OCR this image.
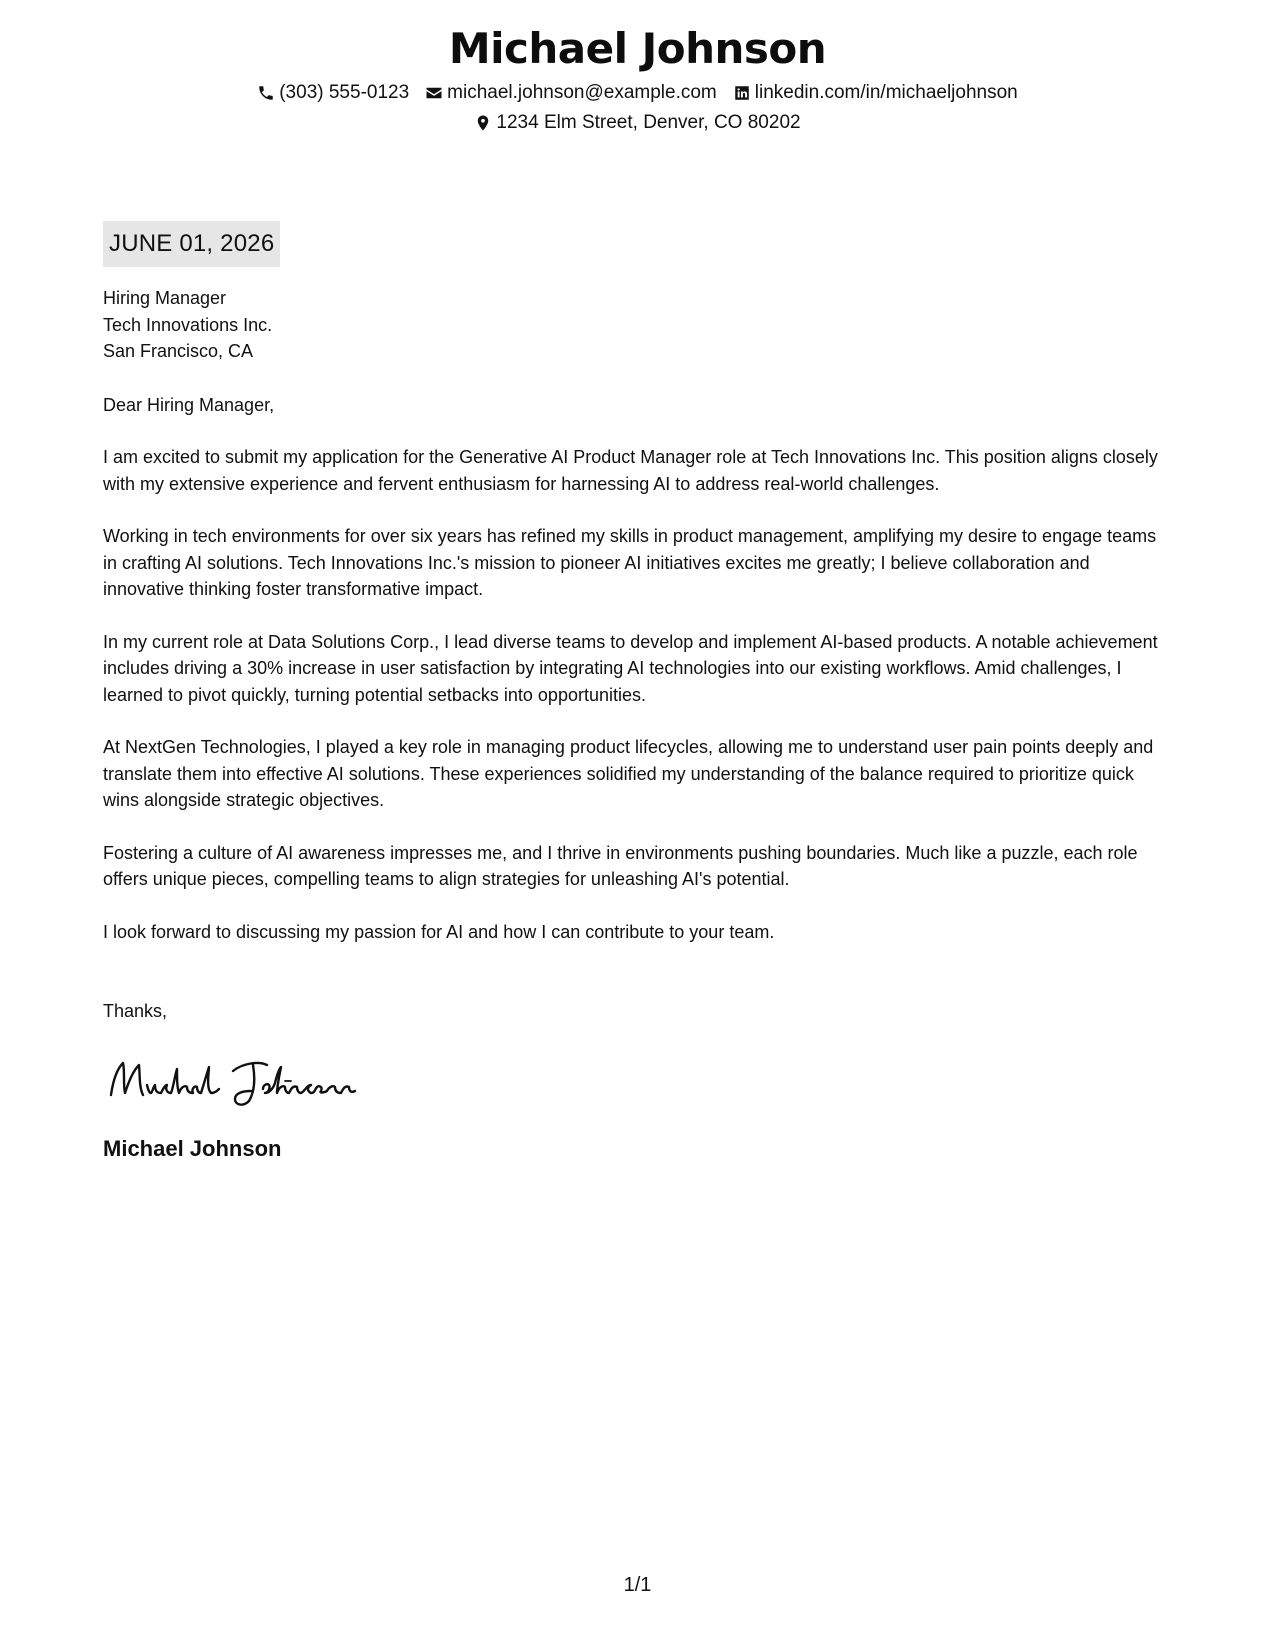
Michael Johnson
(303) 555-0123 michael.johnson@example.com linkedin.com/in/michaeljohnson
1234 Elm Street, Denver, CO 80202
JUNE 01, 2026

Hiring Manager

Tech Innovations Inc.

San Francisco, CA

Dear Hiring Manager,

I am excited to submit my application for the Generative AI Product Manager role at Tech Innovations Inc. This position aligns closely with my extensive experience and fervent enthusiasm for harnessing AI to address real-world challenges.

Working in tech environments for over six years has refined my skills in product management, amplifying my desire to engage teams in crafting AI solutions. Tech Innovations Inc.'s mission to pioneer AI initiatives excites me greatly; I believe collaboration and innovative thinking foster transformative impact.

In my current role at Data Solutions Corp., I lead diverse teams to develop and implement AI-based products. A notable achievement includes driving a 30% increase in user satisfaction by integrating AI technologies into our existing workflows. Amid challenges, I learned to pivot quickly, turning potential setbacks into opportunities.

At NextGen Technologies, I played a key role in managing product lifecycles, allowing me to understand user pain points deeply and translate them into effective AI solutions. These experiences solidified my understanding of the balance required to prioritize quick wins alongside strategic objectives.

Fostering a culture of AI awareness impresses me, and I thrive in environments pushing boundaries. Much like a puzzle, each role offers unique pieces, compelling teams to align strategies for unleashing AI's potential.

I look forward to discussing my passion for AI and how I can contribute to your team.

Thanks,

Michael Johnson
Michael Johnson
1/1
